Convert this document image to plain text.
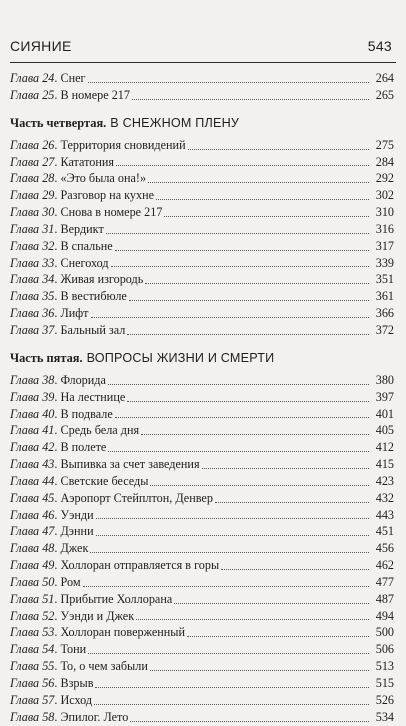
СИЯНИЕ	543
Глава 24 . Снег	264
Глава 25 . В номере 217	265
Часть четвертая. В СНЕЖНОМ ПЛЕНУ
Глава 26 . Территория сновидений	275
Глава 27 . Кататония	284
Глава 28 . «Это была она!»	292
Глава 29 . Разговор на кухне	302
Глава 30 . Снова в номере 217	310
Глава 31 . Вердикт	316
Глава 32 . В спальне	317
Глава 33 . Снегоход	339
Глава 34 . Живая изгородь	351
Глава 35 . В вестибюле	361
Глава 36 . Лифт	366
Глава 37 . Бальный зал	372
Часть пятая. ВОПРОСЫ ЖИЗНИ И СМЕРТИ
Глава 38 . Флорида	380
Глава 39 . На лестнице	397
Глава 40 . В подвале	401
Глава 41 . Средь бела дня	405
Глава 42 . В полете	412
Глава 43 . Выпивка за счет заведения	415
Глава 44 . Светские беседы	423
Глава 45 . Аэропорт Стейплтон, Денвер	432
Глава 46 . Уэнди	443
Глава 47 . Дэнни	451
Глава 48 . Джек	456
Глава 49 . Холлоран отправляется в горы	462
Глава 50 . Ром	477
Глава 51 . Прибытие Холлорана	487
Глава 52 . Уэнди и Джек	494
Глава 53 . Холлоран поверженный	500
Глава 54 . Тони	506
Глава 55 . То, о чем забыли	513
Глава 56 . Взрыв	515
Глава 57 . Исход	526
Глава 58 . Эпилог. Лето	534
